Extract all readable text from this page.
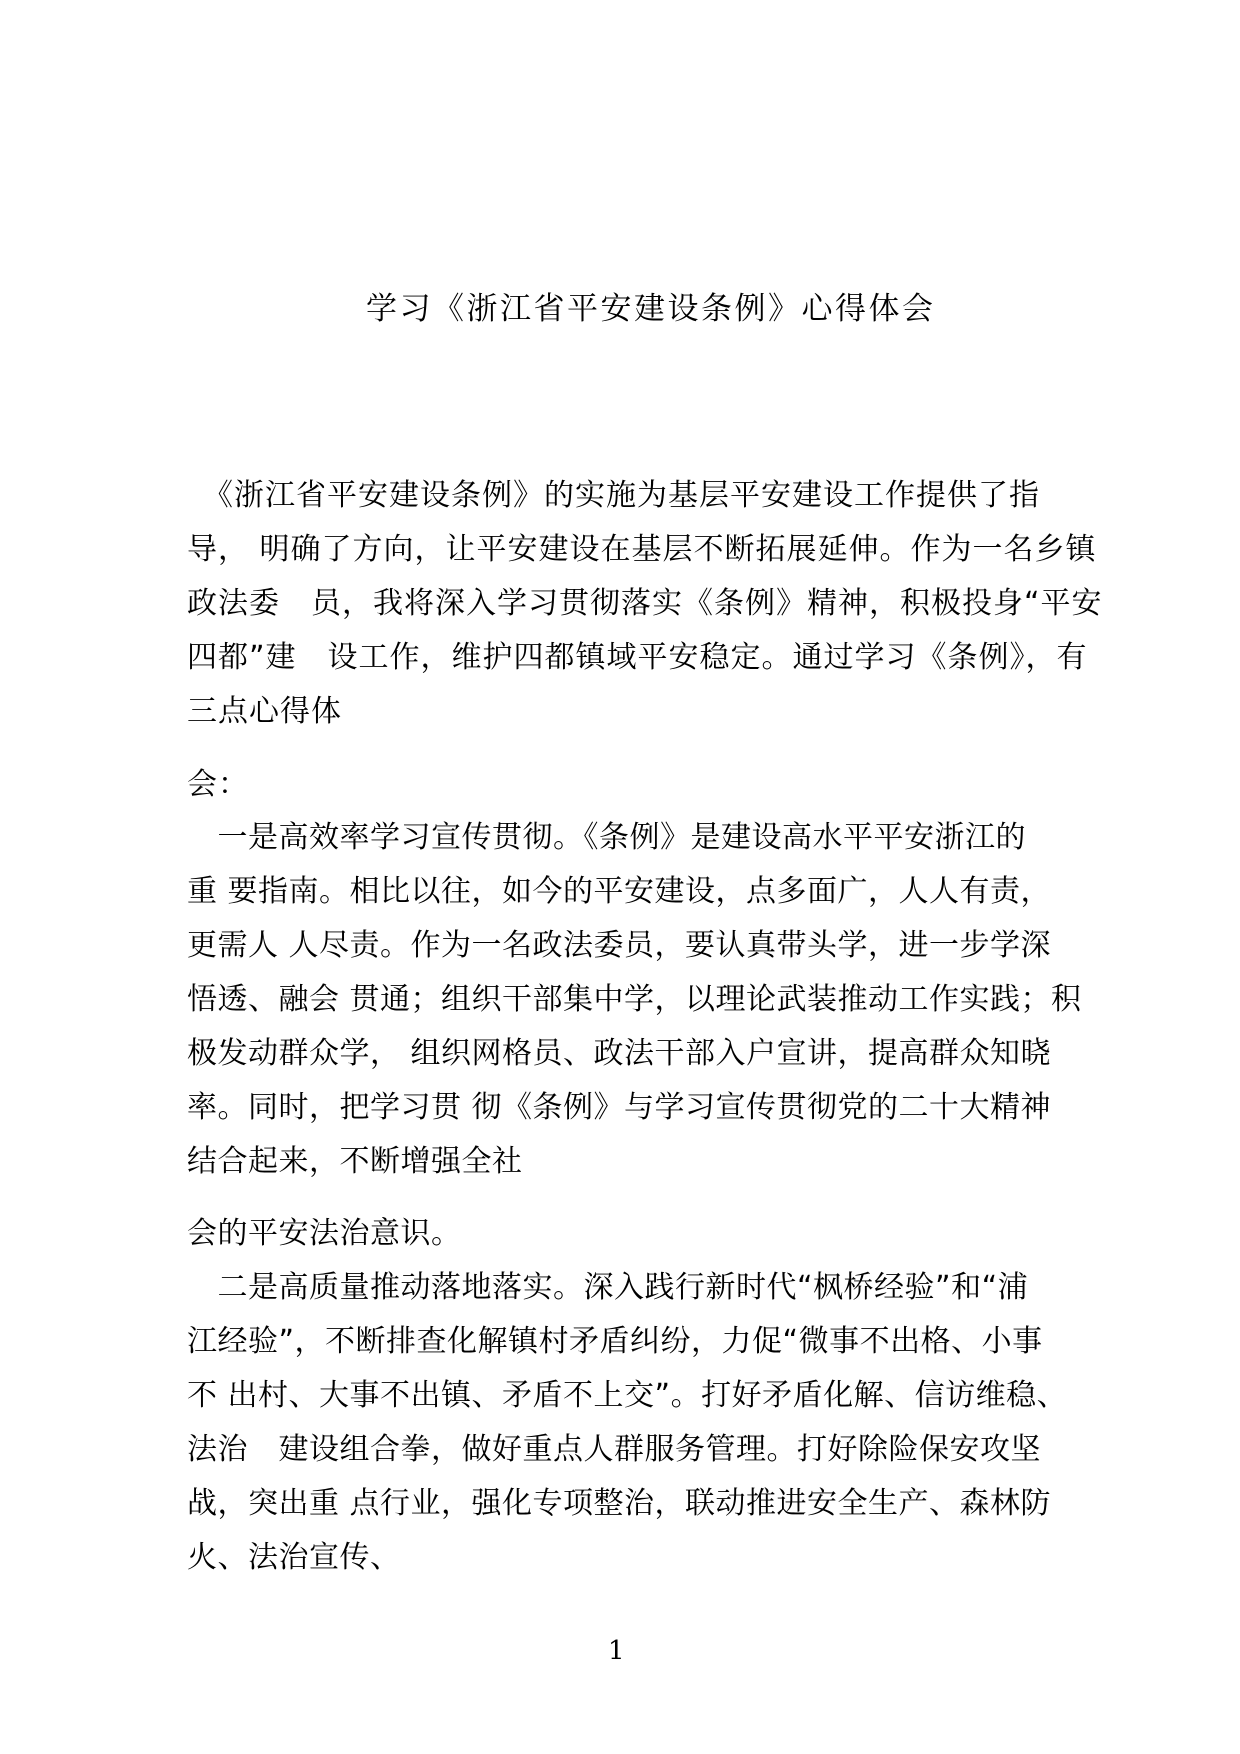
学习《浙江省平安建设条例》心得体会
　《浙江省平安建设条例》的实施为基层平安建设工作提供了指
导， 明确了方向，让平安建设在基层不断拓展延伸。作为一名乡镇
政法委　员，我将深入学习贯彻落实《条例》精神，积极投身“平安
四都”建　设工作，维护四都镇域平安稳定。通过学习《条例》，有
三点心得体
会：
　一是高效率学习宣传贯彻。《条例》是建设高水平平安浙江的
重 要指南。相比以往，如今的平安建设，点多面广，人人有责，
更需人 人尽责。作为一名政法委员，要认真带头学，进一步学深
悟透、融会 贯通；组织干部集中学，以理论武装推动工作实践；积
极发动群众学， 组织网格员、政法干部入户宣讲，提高群众知晓
率。同时，把学习贯 彻《条例》与学习宣传贯彻党的二十大精神
结合起来，不断增强全社
会的平安法治意识。
　二是高质量推动落地落实。深入践行新时代“枫桥经验”和“浦
江经验”，不断排查化解镇村矛盾纠纷，力促“微事不出格、小事
不 出村、大事不出镇、矛盾不上交”。打好矛盾化解、信访维稳、
法治　建设组合拳，做好重点人群服务管理。打好除险保安攻坚
战，突出重 点行业，强化专项整治，联动推进安全生产、森林防
火、法治宣传、
1
